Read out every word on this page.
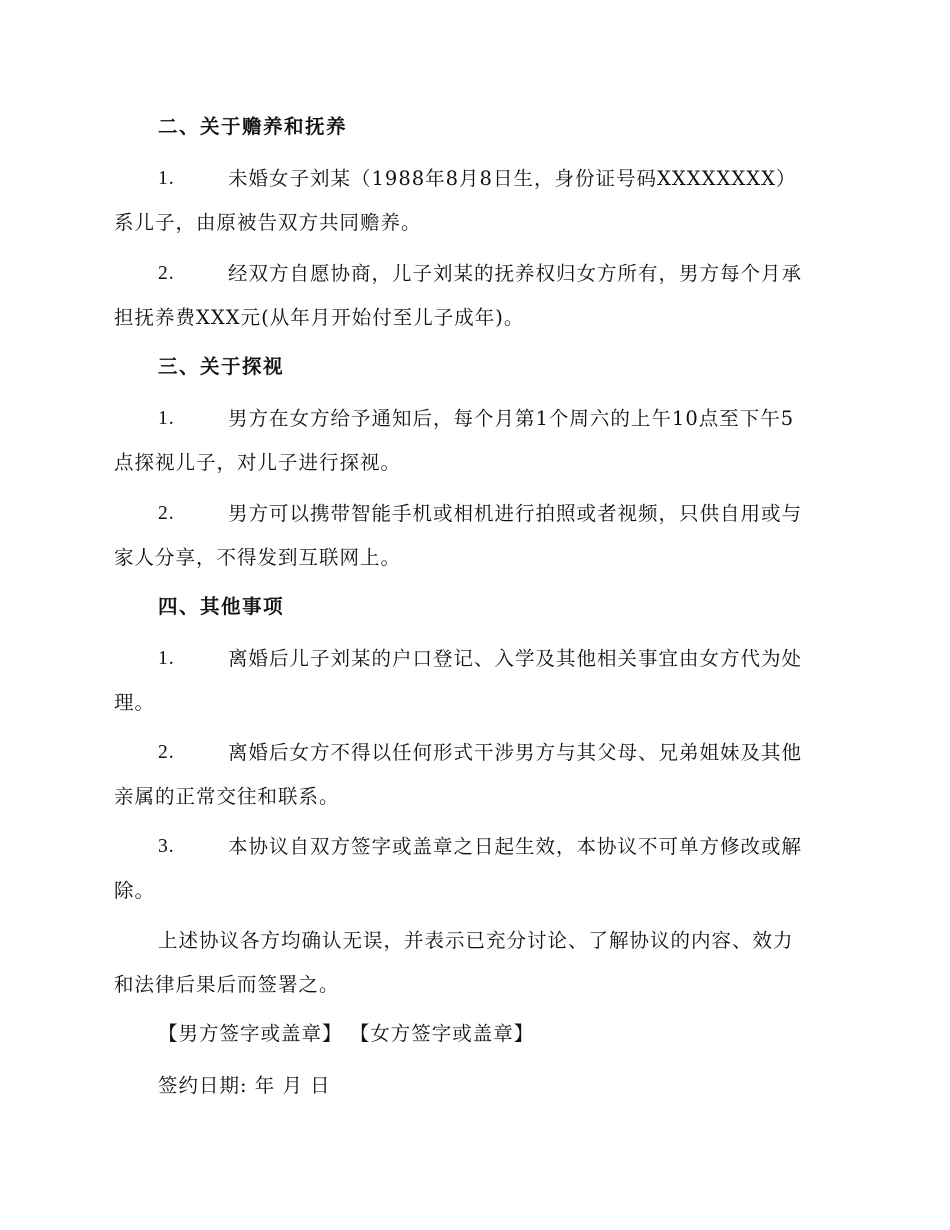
二、关于赡养和抚养
1.	未婚女子刘某（1988年8月8日生，身份证号码XXXXXXXX）
系儿子，由原被告双方共同赡养。
2.	经双方自愿协商，儿子刘某的抚养权归女方所有，男方每个月承
担抚养费XXX元(从年月开始付至儿子成年)。
三、关于探视
1.	男方在女方给予通知后，每个月第1个周六的上午10点至下午5
点探视儿子，对儿子进行探视。
2.	男方可以携带智能手机或相机进行拍照或者视频，只供自用或与
家人分享，不得发到互联网上。
四、其他事项
1.	离婚后儿子刘某的户口登记、入学及其他相关事宜由女方代为处
理。
2.	离婚后女方不得以任何形式干涉男方与其父母、兄弟姐妹及其他
亲属的正常交往和联系。
3.	本协议自双方签字或盖章之日起生效，本协议不可单方修改或解
除。
上述协议各方均确认无误，并表示已充分讨论、了解协议的内容、效力
和法律后果后而签署之。
【男方签字或盖章】 【女方签字或盖章】
签约日期: 年 月 日
